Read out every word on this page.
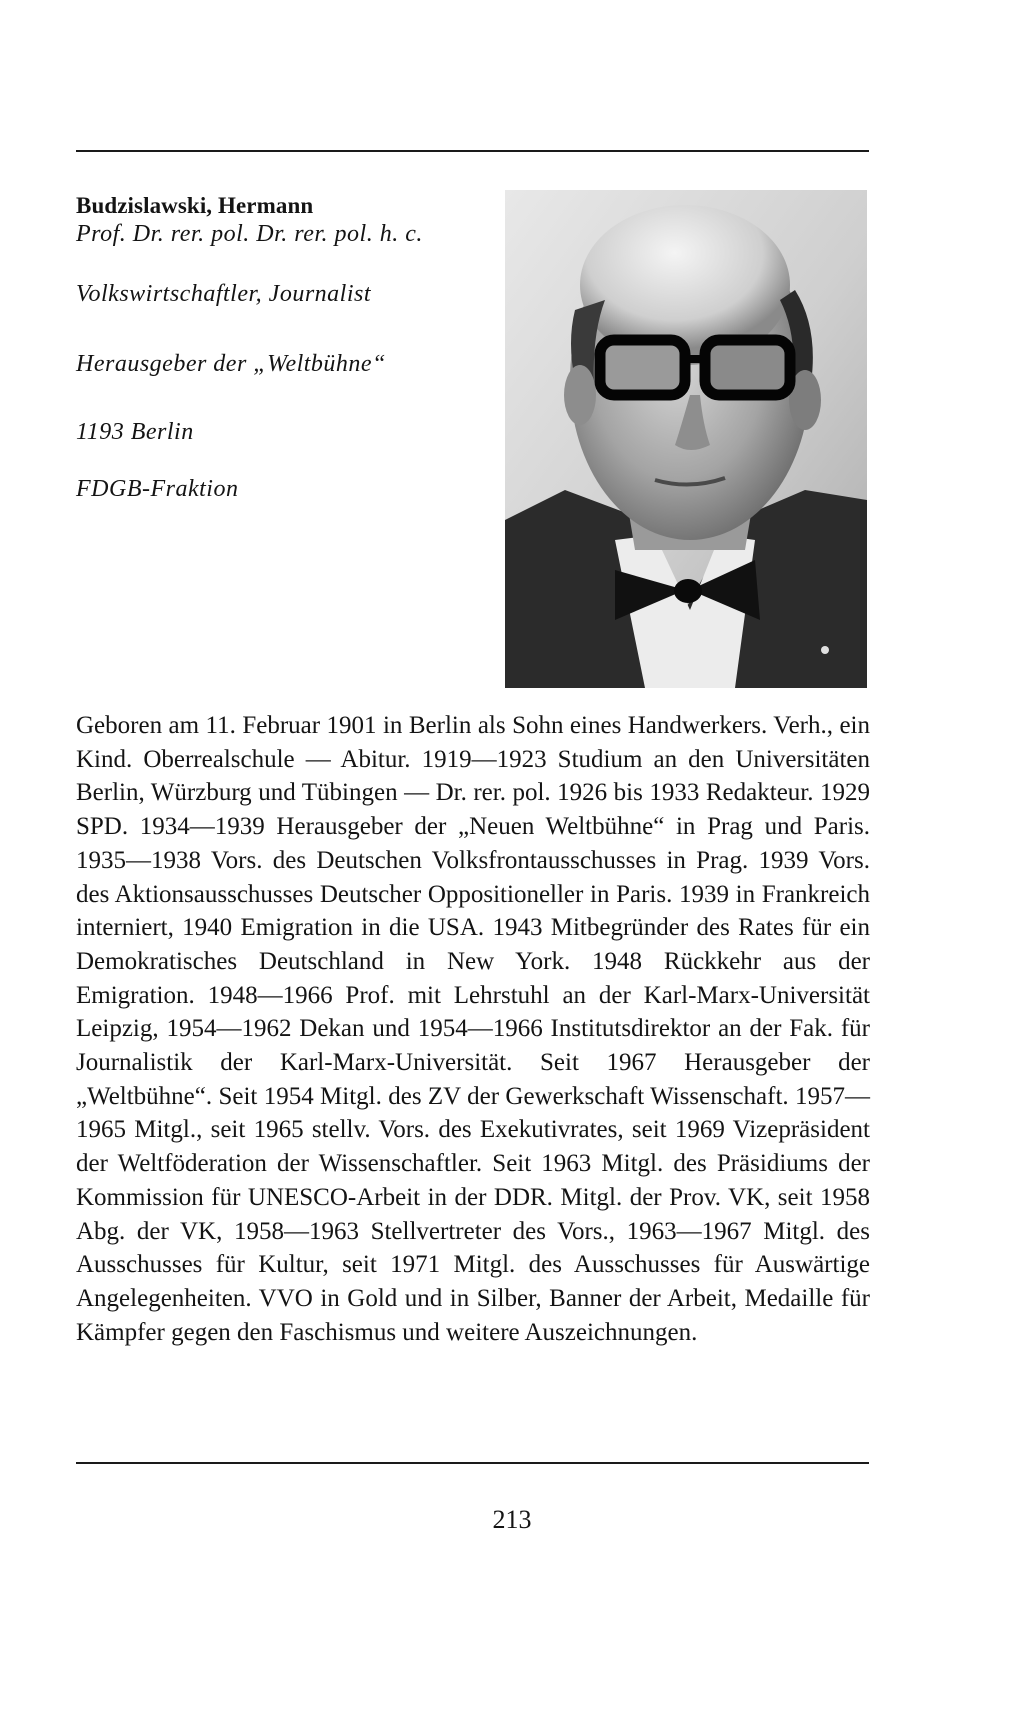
Budzislawski, Hermann

Prof. Dr. rer. pol. Dr. rer. pol. h. c.

Volkswirtschaftler, Journalist

Herausgeber der „Weltbühne“

1193 Berlin

FDGB-Fraktion

Geboren am 11. Februar 1901 in Berlin als Sohn eines Handwerkers. Verh., ein Kind. Oberrealschule — Abitur. 1919—1923 Studium an den Universitäten Berlin, Würzburg und Tübingen — Dr. rer. pol. 1926 bis 1933 Redakteur. 1929 SPD. 1934—1939 Herausgeber der „Neuen Weltbühne“ in Prag und Paris. 1935—1938 Vors. des Deutschen Volksfrontausschusses in Prag. 1939 Vors. des Aktionsausschusses Deutscher Oppositioneller in Paris. 1939 in Frankreich interniert, 1940 Emigration in die USA. 1943 Mitbegründer des Rates für ein Demokratisches Deutschland in New York. 1948 Rückkehr aus der Emigration. 1948—1966 Prof. mit Lehrstuhl an der Karl-Marx-Universität Leipzig, 1954—1962 Dekan und 1954—1966 Institutsdirektor an der Fak. für Journalistik der Karl-Marx-Universität. Seit 1967 Herausgeber der „Weltbühne“. Seit 1954 Mitgl. des ZV der Gewerkschaft Wissenschaft. 1957—1965 Mitgl., seit 1965 stellv. Vors. des Exekutivrates, seit 1969 Vizepräsident der Weltföderation der Wissenschaftler. Seit 1963 Mitgl. des Präsidiums der Kommission für UNESCO-Arbeit in der DDR. Mitgl. der Prov. VK, seit 1958 Abg. der VK, 1958—1963 Stellvertreter des Vors., 1963—1967 Mitgl. des Ausschusses für Kultur, seit 1971 Mitgl. des Ausschusses für Auswärtige Angelegenheiten. VVO in Gold und in Silber, Banner der Arbeit, Medaille für Kämpfer gegen den Faschismus und weitere Auszeichnungen.

213
